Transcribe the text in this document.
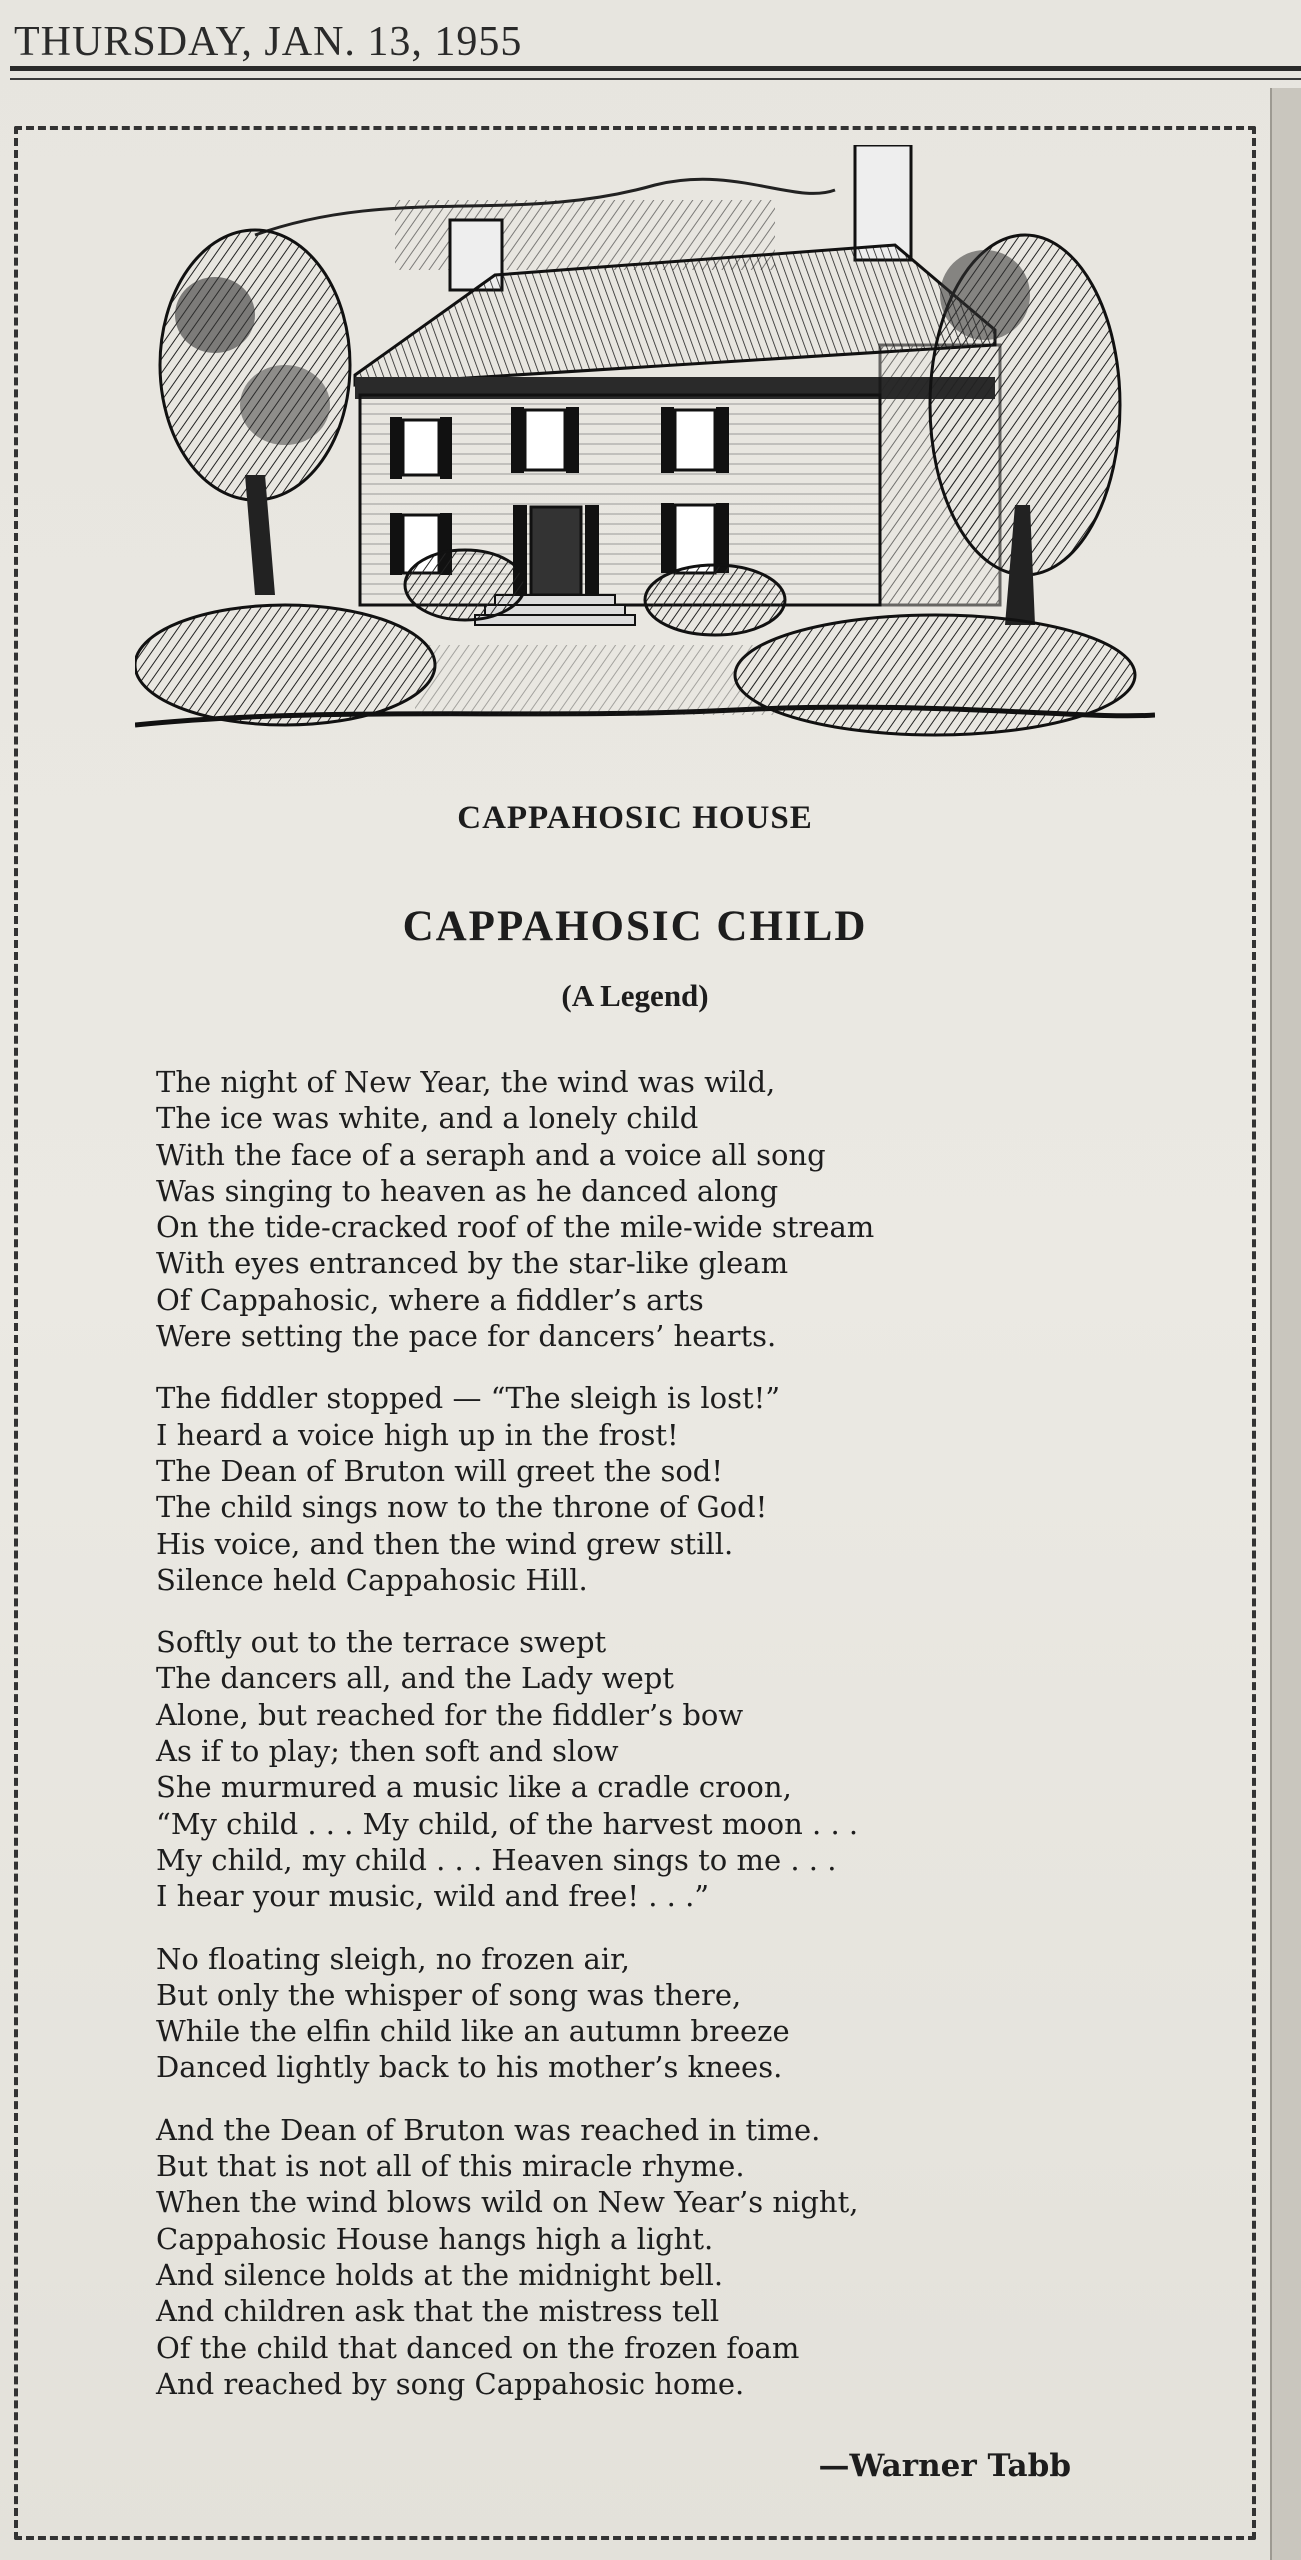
THURSDAY, JAN. 13, 1955
CAPPAHOSIC HOUSE
CAPPAHOSIC CHILD
(A Legend)
The night of New Year, the wind was wild,
The ice was white, and a lonely child
With the face of a seraph and a voice all song
Was singing to heaven as he danced along
On the tide-cracked roof of the mile-wide stream
With eyes entranced by the star-like gleam
Of Cappahosic, where a fiddler’s arts
Were setting the pace for dancers’ hearts.
The fiddler stopped — “The sleigh is lost!”
I heard a voice high up in the frost!
The Dean of Bruton will greet the sod!
The child sings now to the throne of God!
His voice, and then the wind grew still.
Silence held Cappahosic Hill.
Softly out to the terrace swept
The dancers all, and the Lady wept
Alone, but reached for the fiddler’s bow
As if to play; then soft and slow
She murmured a music like a cradle croon,
“My child . . . My child, of the harvest moon . . .
My child, my child . . . Heaven sings to me . . .
I hear your music, wild and free! . . .”
No floating sleigh, no frozen air,
But only the whisper of song was there,
While the elfin child like an autumn breeze
Danced lightly back to his mother’s knees.
And the Dean of Bruton was reached in time.
But that is not all of this miracle rhyme.
When the wind blows wild on New Year’s night,
Cappahosic House hangs high a light.
And silence holds at the midnight bell.
And children ask that the mistress tell
Of the child that danced on the frozen foam
And reached by song Cappahosic home.
—Warner Tabb
